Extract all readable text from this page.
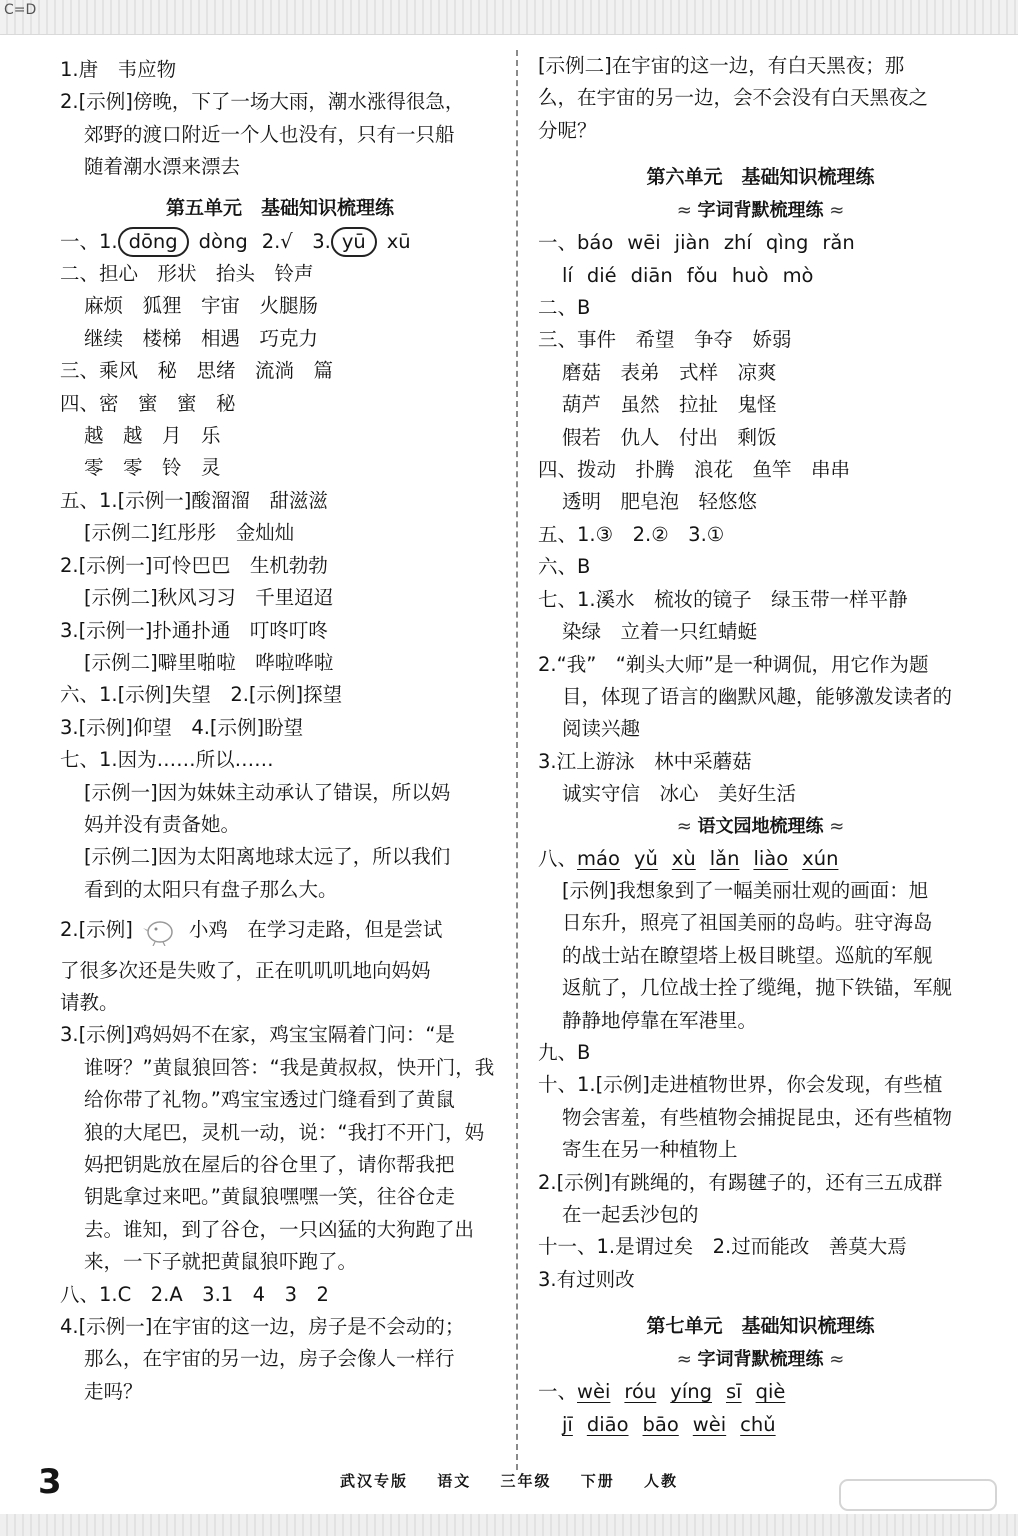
C=D
1.唐　韦应物
2.[示例]傍晚，下了一场大雨，潮水涨得很急，
郊野的渡口附近一个人也没有，只有一只船
随着潮水漂来漂去
第五单元　基础知识梳理练
一、1. dōng dòng 2.√　3. yū xū
二、担心　形状　抬头　铃声
麻烦　狐狸　宇宙　火腿肠
继续　楼梯　相遇　巧克力
三、乘风　秘　思绪　流淌　篇
四、密　蜜　蜜　秘
越　越　月　乐
零　零　铃　灵
五、1.[示例一]酸溜溜　甜滋滋
[示例二]红彤彤　金灿灿
2.[示例一]可怜巴巴　生机勃勃
[示例二]秋风习习　千里迢迢
3.[示例一]扑通扑通　叮咚叮咚
[示例二]噼里啪啦　哗啦哗啦
六、1.[示例]失望　2.[示例]探望
3.[示例]仰望　4.[示例]盼望
七、1.因为……所以……
[示例一]因为妹妹主动承认了错误，所以妈
妈并没有责备她。
[示例二]因为太阳离地球太远了，所以我们
看到的太阳只有盘子那么大。
2.[示例]	小鸡　在学习走路，但是尝试
了很多次还是失败了，正在叽叽叽地向妈妈
请教。
3.[示例]鸡妈妈不在家，鸡宝宝隔着门问：“是
谁呀？”黄鼠狼回答：“我是黄叔叔，快开门，我
给你带了礼物。”鸡宝宝透过门缝看到了黄鼠
狼的大尾巴，灵机一动，说：“我打不开门，妈
妈把钥匙放在屋后的谷仓里了，请你帮我把
钥匙拿过来吧。”黄鼠狼嘿嘿一笑，往谷仓走
去。谁知，到了谷仓，一只凶猛的大狗跑了出
来，一下子就把黄鼠狼吓跑了。
八、1.C　2.A　3.1　4　3　2
4.[示例一]在宇宙的这一边，房子是不会动的；
那么，在宇宙的另一边，房子会像人一样行
走吗？
[示例二]在宇宙的这一边，有白天黑夜；那
么，在宇宙的另一边，会不会没有白天黑夜之
分呢？
第六单元　基础知识梳理练
≈ 字词背默梳理练 ≈
一、báo wēi jiàn zhí qìng rǎn
lí dié diān fǒu huò mò
二、B
三、事件　希望　争夺　娇弱
磨菇　表弟　式样　凉爽
葫芦　虽然　拉扯　鬼怪
假若　仇人　付出　剩饭
四、拨动　扑腾　浪花　鱼竿　串串
透明　肥皂泡　轻悠悠
五、1.③　2.②　3.①
六、B
七、1.溪水　梳妆的镜子　绿玉带一样平静
染绿　立着一只红蜻蜓
2.“我”　“剃头大师”是一种调侃，用它作为题
目，体现了语言的幽默风趣，能够激发读者的
阅读兴趣
3.江上游泳　林中采蘑菇
诚实守信　冰心　美好生活
≈ 语文园地梳理练 ≈
八、máo yǔ xù lǎn liào xún
[示例]我想象到了一幅美丽壮观的画面：旭
日东升，照亮了祖国美丽的岛屿。驻守海岛
的战士站在瞭望塔上极目眺望。巡航的军舰
返航了，几位战士拴了缆绳，抛下铁锚，军舰
静静地停靠在军港里。
九、B
十、1.[示例]走进植物世界，你会发现，有些植
物会害羞，有些植物会捕捉昆虫，还有些植物
寄生在另一种植物上
2.[示例]有跳绳的，有踢毽子的，还有三五成群
在一起丢沙包的
十一、1.是谓过矣　2.过而能改　善莫大焉
3.有过则改
第七单元　基础知识梳理练
≈ 字词背默梳理练 ≈
一、wèi róu yíng sī qiè
jī diāo bāo wèi chǔ
3	武汉专版 语文 三年级 下册 人教
